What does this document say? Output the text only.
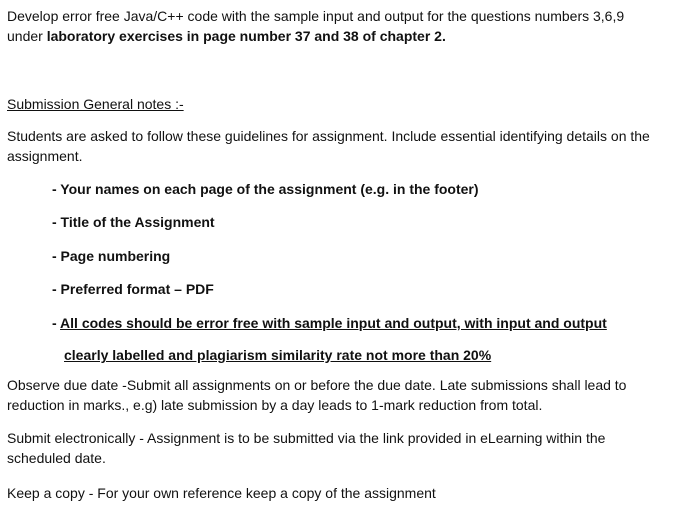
Develop error free Java/C++ code with the sample input and output for the questions numbers 3,6,9
under laboratory exercises in page number 37 and 38 of chapter 2.

Submission General notes :-

Students are asked to follow these guidelines for assignment. Include essential identifying details on the
assignment.

- Your names on each page of the assignment (e.g. in the footer)

- Title of the Assignment

- Page numbering

- Preferred format – PDF

- All codes should be error free with sample input and output, with input and output

clearly labelled and plagiarism similarity rate not more than 20%

Observe due date -Submit all assignments on or before the due date. Late submissions shall lead to
reduction in marks., e.g) late submission by a day leads to 1-mark reduction from total.

Submit electronically - Assignment is to be submitted via the link provided in eLearning within the
scheduled date.

Keep a copy - For your own reference keep a copy of the assignment
